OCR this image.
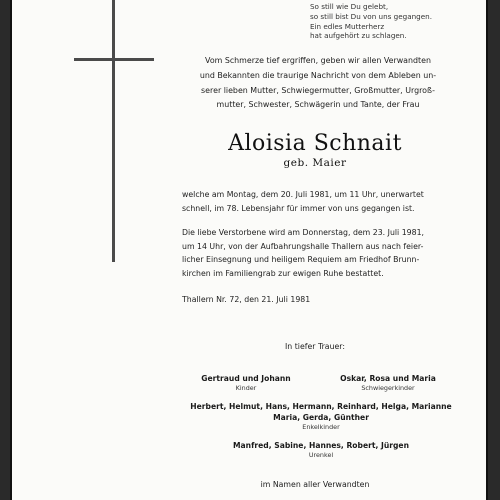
So still wie Du gelebt,
so still bist Du von uns gegangen.
Ein edles Mutterherz
hat aufgehört zu schlagen.
Vom Schmerze tief ergriffen, geben wir allen Verwandten
und Bekannten die traurige Nachricht von dem Ableben un-
serer lieben Mutter, Schwiegermutter, Großmutter, Urgroß-
mutter, Schwester, Schwägerin und Tante, der Frau
Aloisia Schnait
geb. Maier
welche am Montag, dem 20. Juli 1981, um 11 Uhr, unerwartet
schnell, im 78. Lebensjahr für immer von uns gegangen ist.
Die liebe Verstorbene wird am Donnerstag, dem 23. Juli 1981,
um 14 Uhr, von der Aufbahrungshalle Thallern aus nach feier-
licher Einsegnung und heiligem Requiem am Friedhof Brunn-
kirchen im Familiengrab zur ewigen Ruhe bestattet.
Thallern Nr. 72, den 21. Juli 1981
In tiefer Trauer:
Gertraud und Johann
Kinder
Oskar, Rosa und Maria
Schwiegerkinder
Herbert, Helmut, Hans, Hermann, Reinhard, Helga, Marianne
Maria, Gerda, Günther
Enkelkinder
Manfred, Sabine, Hannes, Robert, Jürgen
Urenkel
im Namen aller Verwandten
